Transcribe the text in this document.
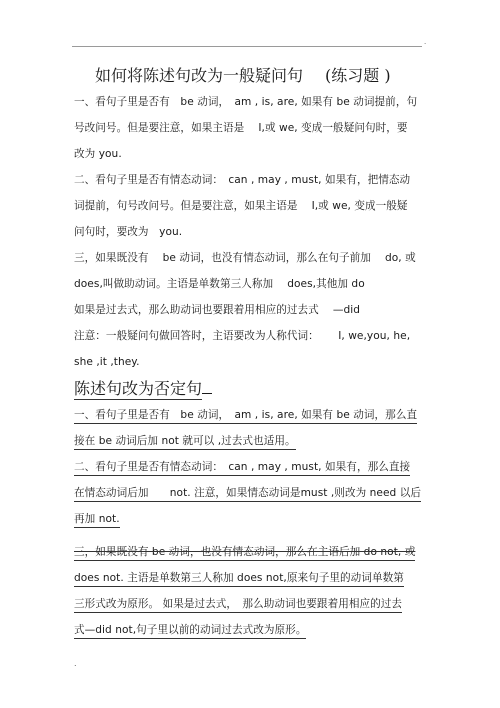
.
如何将陈述句改为一般疑问句 (练习题 )
一、看句子里是否有　be 动词，　am , is, are, 如果有 be 动词提前，句
号改问号。但是要注意，如果主语是　 I,或 we, 变成一般疑问句时，要
改为 you.
二、看句子里是否有情态动词：　can , may , must, 如果有，把情态动
词提前，句号改问号。但是要注意，如果主语是　 I,或 we, 变成一般疑
问句时，要改为　you.
三，如果既没有　 be 动词，也没有情态动词，那么在句子前加　 do, 或
does,叫做助动词。主语是单数第三人称加　 does,其他加 do
如果是过去式，那么助动词也要跟着用相应的过去式　 —did
注意：一般疑问句做回答时，主语要改为人称代词：　　 I, we,you, he,
she ,it ,they.
陈述句改为否定句
一、看句子里是否有　be 动词，　am , is, are, 如果有 be 动词，那么直
接在 be 动词后加 not 就可以 ,过去式也适用。
二、看句子里是否有情态动词：　can , may , must, 如果有，那么直接
在情态动词后加　　not. 注意，如果情态动词是must ,则改为 need 以后
再加 not.
三，如果既没有 be 动词，也没有情态动词，那么在主语后加 do not, 或
does not. 主语是单数第三人称加 does not,原来句子里的动词单数第
三形式改为原形。 如果是过去式，　那么助动词也要跟着用相应的过去
式—did not,句子里以前的动词过去式改为原形。
.
